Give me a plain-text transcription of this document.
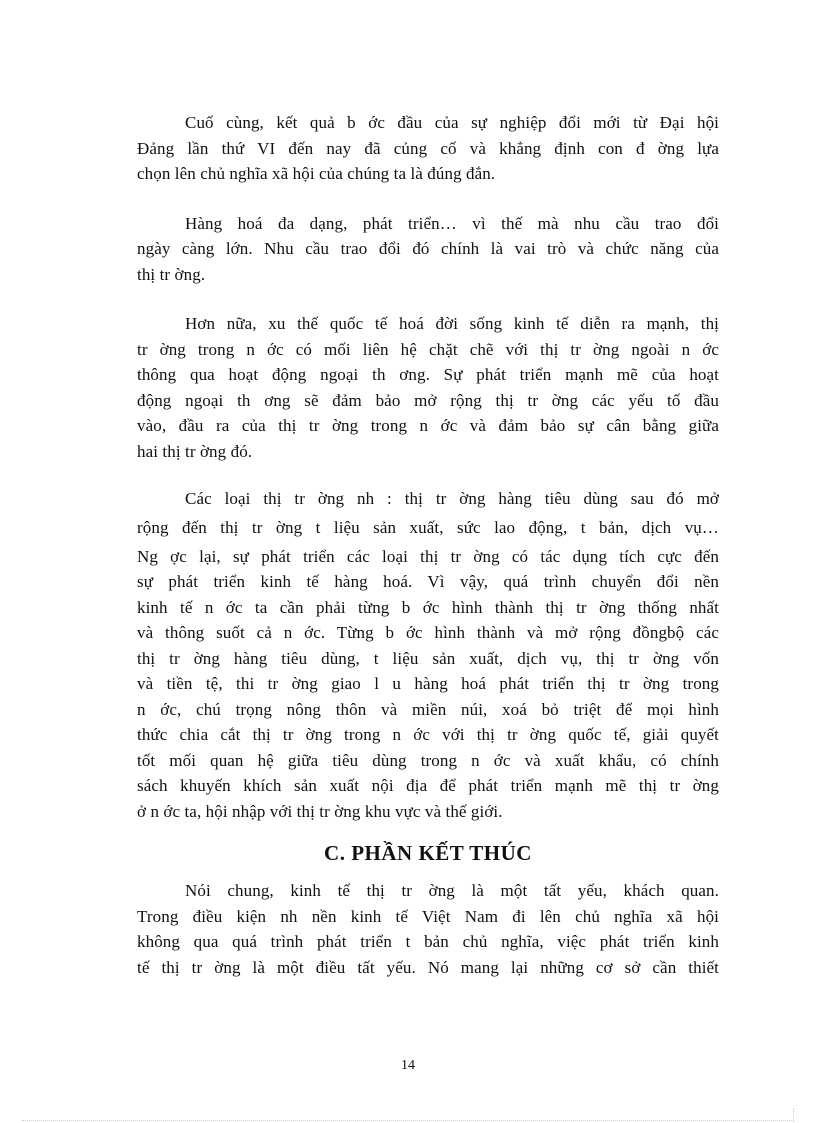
Cuố cùng, kết quả b ớc đầu của sự nghiệp đổi mới từ Đại hội
Đảng lần thứ VI đến nay đã củng cố và khẳng định con đ ờng lựa
chọn lên chủ nghĩa xã hội của chúng ta là đúng đắn.
Hàng hoá đa dạng, phát triển… vì thế mà nhu cầu trao đổi
ngày càng lớn. Nhu cầu trao đổi đó chính là vai trò và chức năng của
thị tr ờng.
Hơn nữa, xu thế quốc tế hoá đời sống kinh tế diễn ra mạnh, thị
tr ờng trong n ớc có mối liên hệ chặt chẽ với thị tr ờng ngoài n ớc
thông qua hoạt động ngoại th ơng. Sự phát triển mạnh mẽ của hoạt
động ngoại th ơng sẽ đảm bảo mở rộng thị tr ờng các yếu tố đầu
vào, đầu ra của thị tr ờng trong n ớc và đảm bảo sự cân bằng giữa
hai thị tr ờng đó.
Các loại thị tr ờng nh : thị tr ờng hàng tiêu dùng sau đó mở
rộng đến thị tr ờng t liệu sản xuất, sức lao động, t bản, dịch vụ…
Ng ợc lại, sự phát triển các loại thị tr ờng có tác dụng tích cực đến
sự phát triển kinh tế hàng hoá. Vì vậy, quá trình chuyển đổi nền
kinh tế n ớc ta cần phải từng b ớc hình thành thị tr ờng thống nhất
và thông suốt cả n ớc. Từng b ớc hình thành và mở rộng đồngbộ các
thị tr ờng hàng tiêu dùng, t liệu sản xuất, dịch vụ, thị tr ờng vốn
và tiền tệ, thi tr ờng giao l u hàng hoá phát triển thị tr ờng trong
n ớc, chú trọng nông thôn và miền núi, xoá bỏ triệt để mọi hình
thức chia cắt thị tr ờng trong n ớc với thị tr ờng quốc tế, giải quyết
tốt mối quan hệ giữa tiêu dùng trong n ớc và xuất khẩu, có chính
sách khuyến khích sản xuất nội địa để phát triển mạnh mẽ thị tr ờng
ở n ớc ta, hội nhập với thị tr ờng khu vực và thế giới.
C. PHẦN KẾT THÚC
Nói chung, kinh tế thị tr ờng là một tất yếu, khách quan.
Trong điều kiện nh nền kinh tế Việt Nam đi lên chủ nghĩa xã hội
không qua quá trình phát triển t bản chủ nghĩa, việc phát triển kinh
tế thị tr ờng là một điều tất yếu. Nó mang lại những cơ sở cần thiết
14
